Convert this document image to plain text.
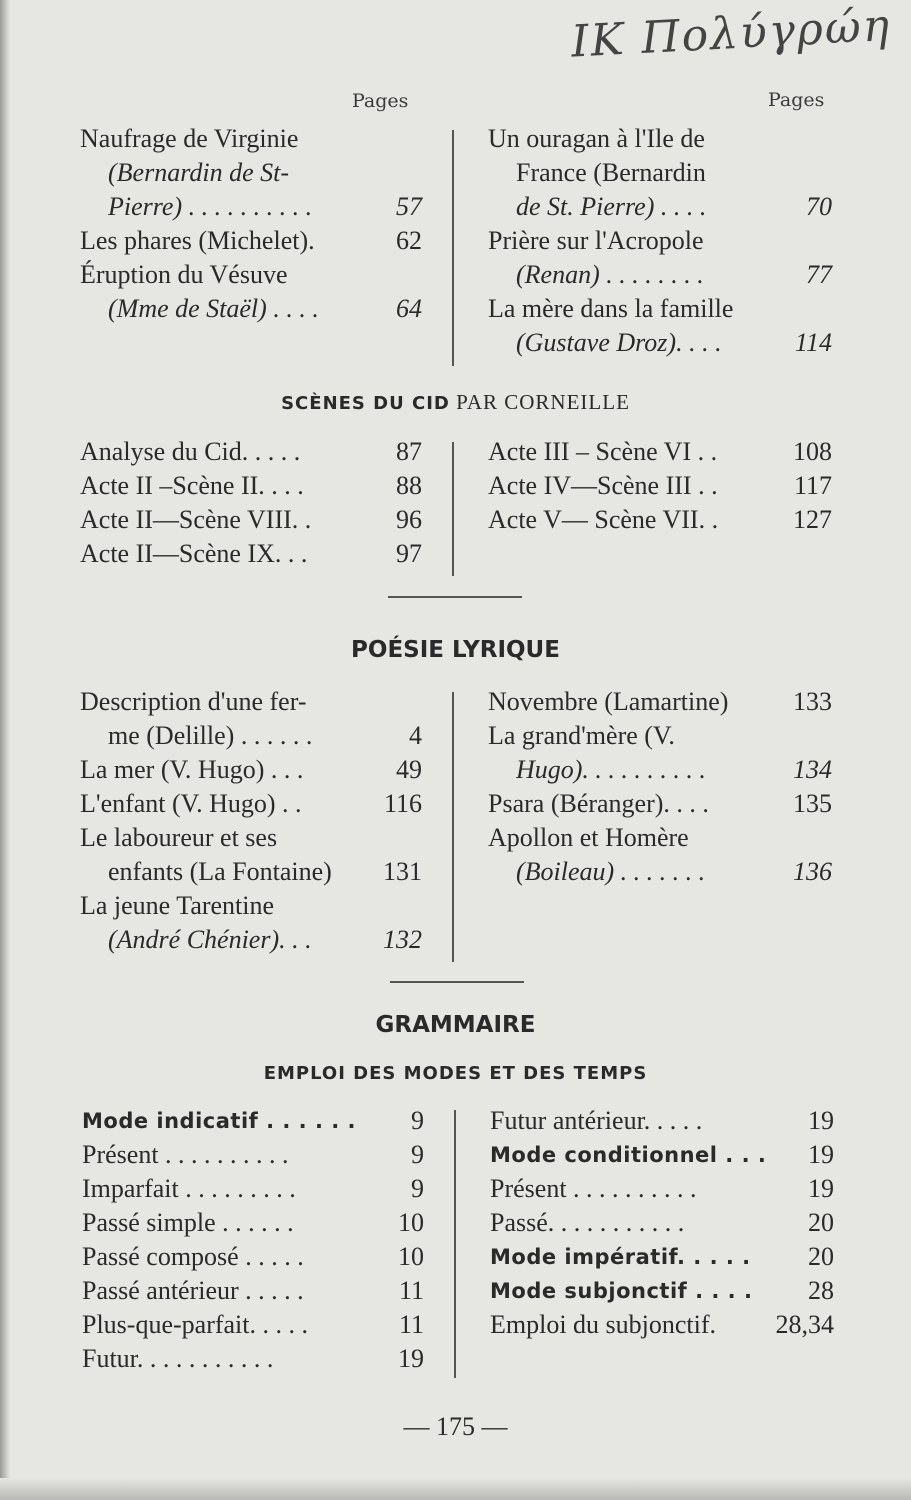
IK Πολύγρώη
Pages	Pages
Naufrage de Virginie
(Bernardin de St-
Pierre) . . . . . . . . . .	57
Les phares (Michelet).	62
Éruption du Vésuve
(Mme de Staël) . . . .	64
Un ouragan à l'Ile de
France (Bernardin
de St. Pierre) . . . .	70
Prière sur l'Acropole
(Renan) . . . . . . . .	77
La mère dans la famille
(Gustave Droz). . . .	114
SCÈNES DU CID PAR CORNEILLE
Analyse du Cid. . . . .	87
Acte II –Scène II. . . .	88
Acte II—Scène VIII. .	96
Acte II—Scène IX. . .	97
Acte III – Scène VI . .	108
Acte IV—Scène III . .	117
Acte V— Scène VII. .	127
POÉSIE LYRIQUE
Description d'une fer-
me (Delille) . . . . . .	4
La mer (V. Hugo) . . .	49
L'enfant (V. Hugo) . .	116
Le laboureur et ses
enfants (La Fontaine)	131
La jeune Tarentine
(André Chénier). . .	132
Novembre (Lamartine)	133
La grand'mère (V.
Hugo). . . . . . . . . .	134
Psara (Béranger). . . .	135
Apollon et Homère
(Boileau) . . . . . . .	136
GRAMMAIRE
EMPLOI DES MODES ET DES TEMPS
Mode indicatif . . . . . .	9
Présent . . . . . . . . . .	9
Imparfait . . . . . . . . .	9
Passé simple . . . . . .	10
Passé composé . . . . .	10
Passé antérieur . . . . .	11
Plus-que-parfait. . . . .	11
Futur. . . . . . . . . . .	19
Futur antérieur. . . . .	19
Mode conditionnel . . .	19
Présent . . . . . . . . . .	19
Passé. . . . . . . . . . .	20
Mode impératif. . . . .	20
Mode subjonctif . . . .	28
Emploi du subjonctif.	28,34
— 175 —
